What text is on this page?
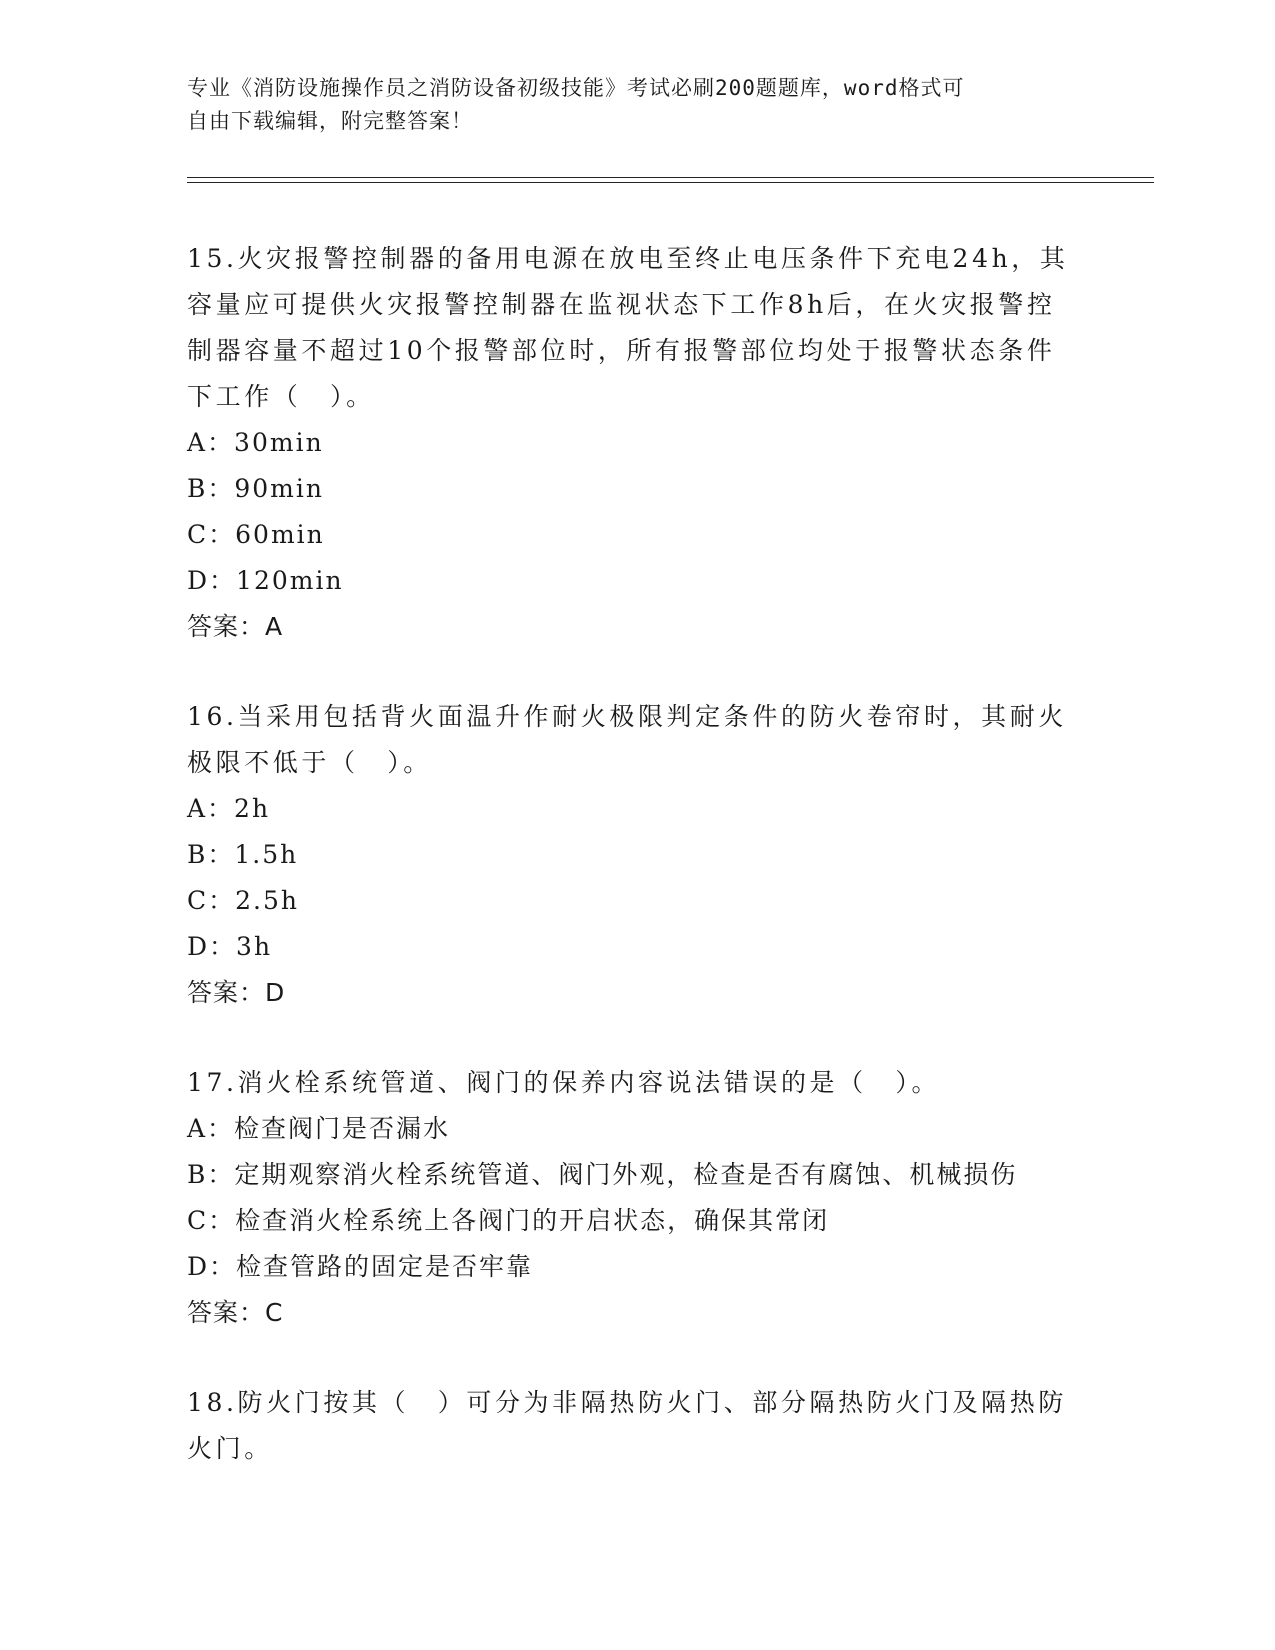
专业《消防设施操作员之消防设备初级技能》考试必刷200题题库，word格式可
自由下载编辑，附完整答案！
15.火灾报警控制器的备用电源在放电至终止电压条件下充电24h，其
容量应可提供火灾报警控制器在监视状态下工作8h后，在火灾报警控
制器容量不超过10个报警部位时，所有报警部位均处于报警状态条件
下工作（　）。
A：30min
B：90min
C：60min
D：120min
答案：A
16.当采用包括背火面温升作耐火极限判定条件的防火卷帘时，其耐火
极限不低于（　）。
A：2h
B：1.5h
C：2.5h
D：3h
答案：D
17.消火栓系统管道、阀门的保养内容说法错误的是（　）。
A：检查阀门是否漏水
B：定期观察消火栓系统管道、阀门外观，检查是否有腐蚀、机械损伤
C：检查消火栓系统上各阀门的开启状态，确保其常闭
D：检查管路的固定是否牢靠
答案：C
18.防火门按其（　）可分为非隔热防火门、部分隔热防火门及隔热防
火门。
